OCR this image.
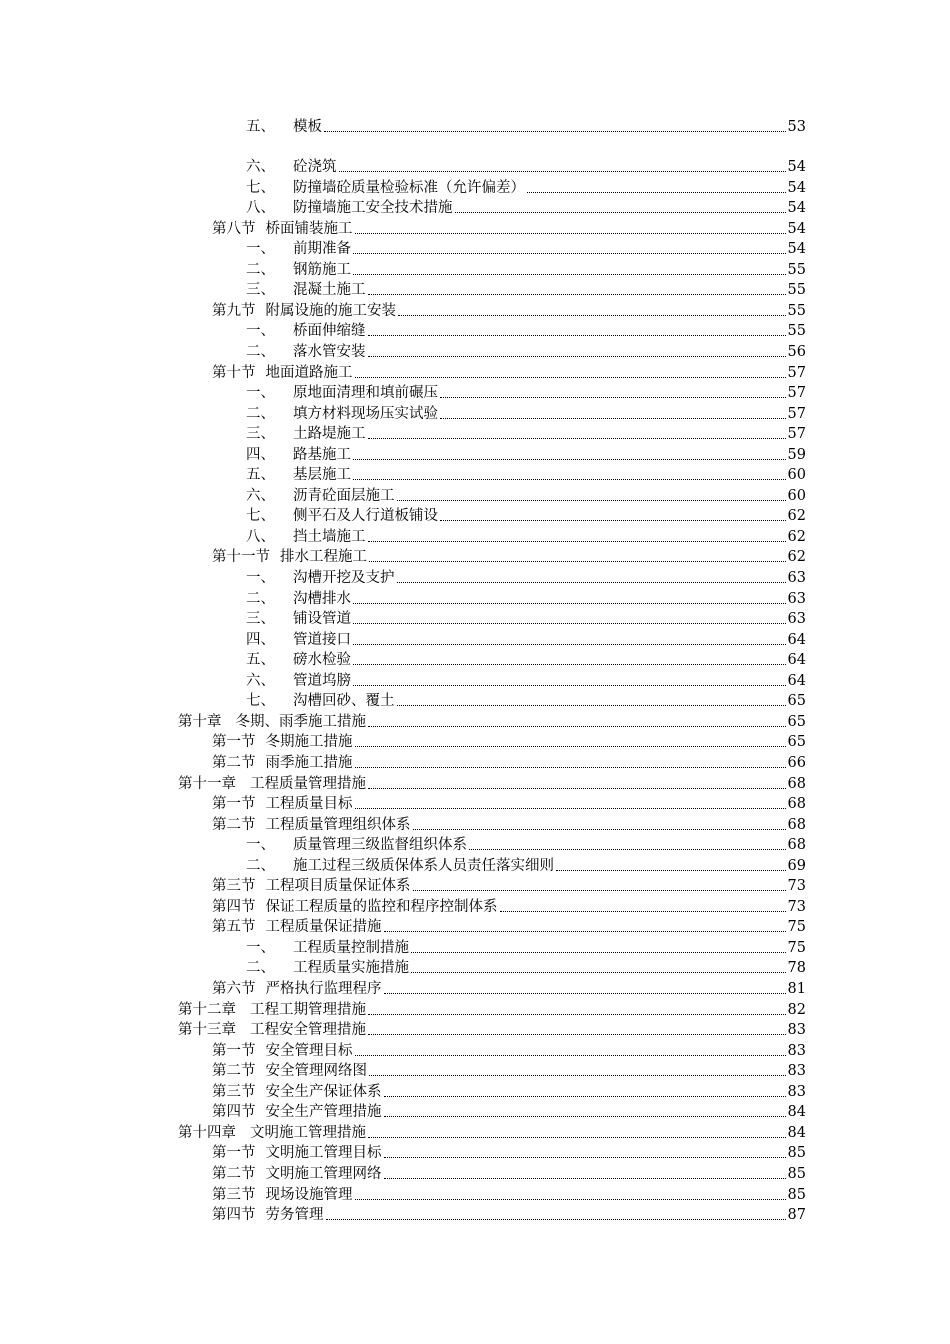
五、 模板	53
六、 砼浇筑	54
七、 防撞墙砼质量检验标准（允许偏差）	54
八、 防撞墙施工安全技术措施	54
第八节 桥面铺装施工	54
一、 前期准备	54
二、 钢筋施工	55
三、 混凝土施工	55
第九节 附属设施的施工安装	55
一、 桥面伸缩缝	55
二、 落水管安装	56
第十节 地面道路施工	57
一、 原地面清理和填前碾压	57
二、 填方材料现场压实试验	57
三、 土路堤施工	57
四、 路基施工	59
五、 基层施工	60
六、 沥青砼面层施工	60
七、 侧平石及人行道板铺设	62
八、 挡土墙施工	62
第十一节 排水工程施工	62
一、 沟槽开挖及支护	63
二、 沟槽排水	63
三、 铺设管道	63
四、 管道接口	64
五、 磅水检验	64
六、 管道坞膀	64
七、 沟槽回砂、覆土	65
第十章 冬期、雨季施工措施	65
第一节 冬期施工措施	65
第二节 雨季施工措施	66
第十一章 工程质量管理措施	68
第一节 工程质量目标	68
第二节 工程质量管理组织体系	68
一、 质量管理三级监督组织体系	68
二、 施工过程三级质保体系人员责任落实细则	69
第三节 工程项目质量保证体系	73
第四节 保证工程质量的监控和程序控制体系	73
第五节 工程质量保证措施	75
一、 工程质量控制措施	75
二、 工程质量实施措施	78
第六节 严格执行监理程序	81
第十二章 工程工期管理措施	82
第十三章 工程安全管理措施	83
第一节 安全管理目标	83
第二节 安全管理网络图	83
第三节 安全生产保证体系	83
第四节 安全生产管理措施	84
第十四章 文明施工管理措施	84
第一节 文明施工管理目标	85
第二节 文明施工管理网络	85
第三节 现场设施管理	85
第四节 劳务管理	87
